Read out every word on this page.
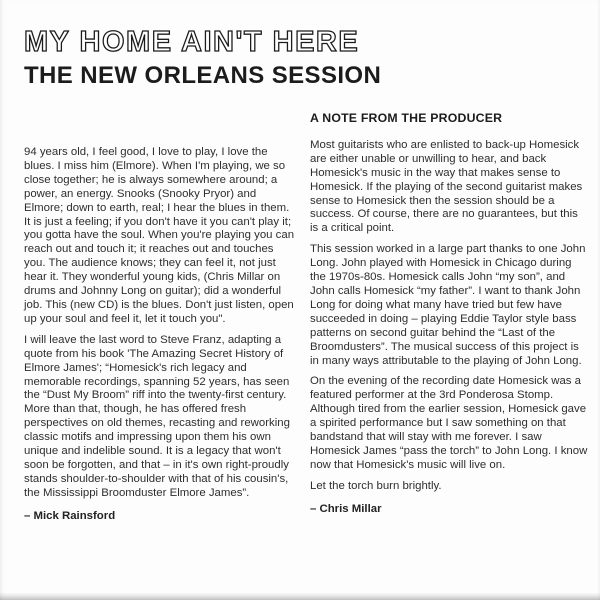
MY HOME AIN'T HERE
THE NEW ORLEANS SESSION

94 years old, I feel good, I love to play, I love the blues. I miss him (Elmore). When I'm playing, we so close together; he is always somewhere around; a power, an energy. Snooks (Snooky Pryor) and Elmore; down to earth, real; I hear the blues in them. It is just a feeling; if you don't have it you can't play it; you gotta have the soul. When you're playing you can reach out and touch it; it reaches out and touches you. The audience knows; they can feel it, not just hear it. They wonderful young kids, (Chris Millar on drums and Johnny Long on guitar); did a wonderful job. This (new CD) is the blues. Don't just listen, open up your soul and feel it, let it touch you".

I will leave the last word to Steve Franz, adapting a quote from his book 'The Amazing Secret History of Elmore James'; “Homesick's rich legacy and memorable recordings, spanning 52 years, has seen the “Dust My Broom” riff into the twenty-first century. More than that, though, he has offered fresh perspectives on old themes, recasting and reworking classic motifs and impressing upon them his own unique and indelible sound. It is a legacy that won't soon be forgotten, and that – in it's own right-proudly stands shoulder-to-shoulder with that of his cousin's, the Mississippi Broomduster Elmore James”.

– Mick Rainsford
A NOTE FROM THE PRODUCER

Most guitarists who are enlisted to back-up Homesick are either unable or unwilling to hear, and back Homesick's music in the way that makes sense to Homesick. If the playing of the second guitarist makes sense to Homesick then the session should be a success. Of course, there are no guarantees, but this is a critical point.

This session worked in a large part thanks to one John Long. John played with Homesick in Chicago during the 1970s-80s. Homesick calls John “my son”, and John calls Homesick “my father”. I want to thank John Long for doing what many have tried but few have succeeded in doing – playing Eddie Taylor style bass patterns on second guitar behind the “Last of the Broomdusters”. The musical success of this project is in many ways attributable to the playing of John Long.

On the evening of the recording date Homesick was a featured performer at the 3rd Ponderosa Stomp. Although tired from the earlier session, Homesick gave a spirited performance but I saw something on that bandstand that will stay with me forever. I saw Homesick James “pass the torch” to John Long. I know now that Homesick's music will live on.

Let the torch burn brightly.

– Chris Millar
